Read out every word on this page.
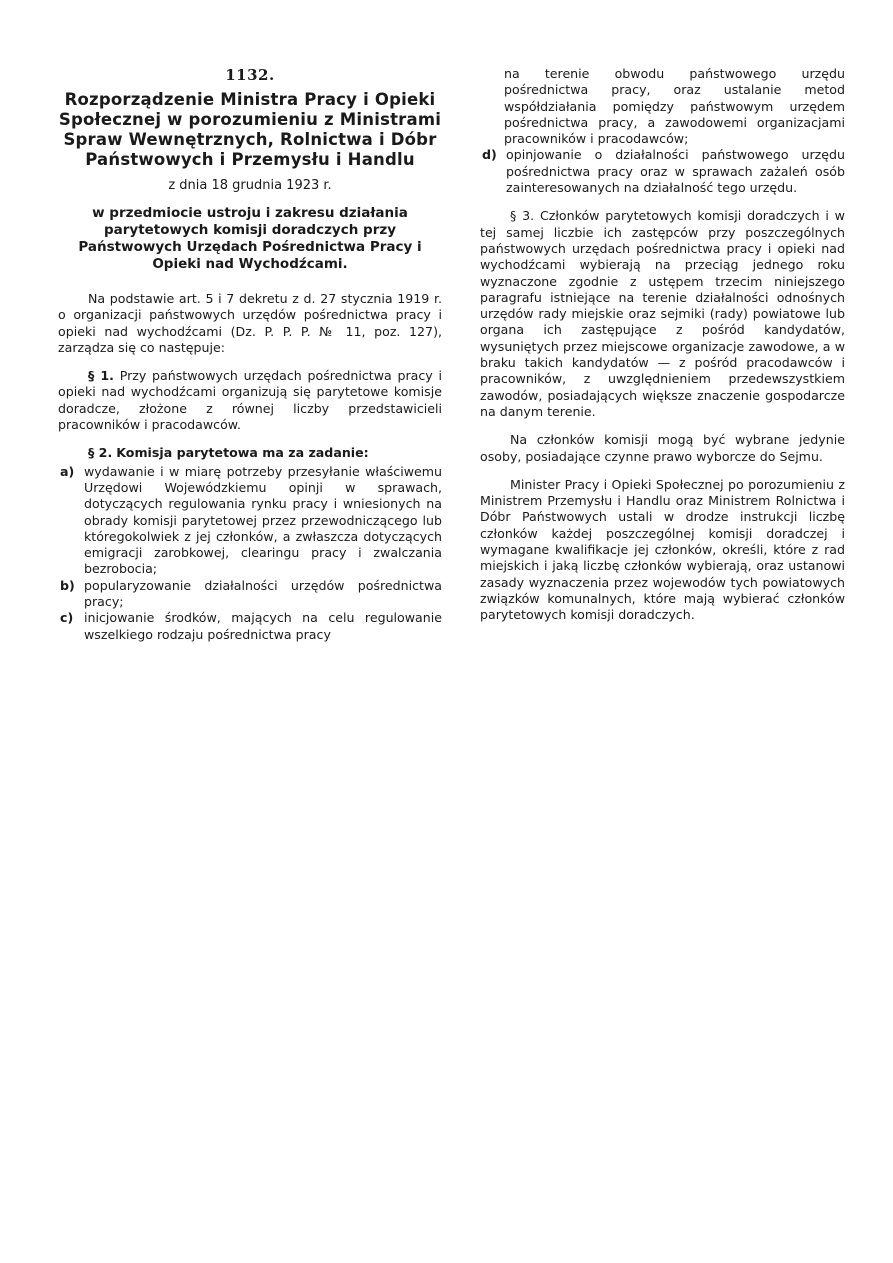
1132.
Rozporządzenie Ministra Pracy i Opieki Społecznej w porozumieniu z Ministrami Spraw Wewnętrznych, Rolnictwa i Dóbr Państwowych i Przemysłu i Handlu
z dnia 18 grudnia 1923 r.
w przedmiocie ustroju i zakresu działania parytetowych komisji doradczych przy Państwowych Urzędach Pośrednictwa Pracy i Opieki nad Wychodźcami.

Na podstawie art. 5 i 7 dekretu z d. 27 stycznia 1919 r. o organizacji państwowych urzędów pośrednictwa pracy i opieki nad wychodźcami (Dz. P. P. P. № 11, poz. 127), zarządza się co następuje:

§ 1. Przy państwowych urzędach pośrednictwa pracy i opieki nad wychodźcami organizują się parytetowe komisje doradcze, złożone z równej liczby przedstawicieli pracowników i pracodawców.

§ 2. Komisja parytetowa ma za zadanie:

a) wydawanie i w miarę potrzeby przesyłanie właściwemu Urzędowi Wojewódzkiemu opinji w sprawach, dotyczących regulowania rynku pracy i wniesionych na obrady komisji parytetowej przez przewodniczącego lub któregokolwiek z jej członków, a zwłaszcza dotyczących emigracji zarobkowej, clearingu pracy i zwalczania bezrobocia;
b) popularyzowanie działalności urzędów pośrednictwa pracy;
c) inicjowanie środków, mających na celu regulowanie wszelkiego rodzaju pośrednictwa pracy
na terenie obwodu państwowego urzędu pośrednictwa pracy, oraz ustalanie metod współdziałania pomiędzy państwowym urzędem pośrednictwa pracy, a zawodowemi organizacjami pracowników i pracodawców;
d) opinjowanie o działalności państwowego urzędu pośrednictwa pracy oraz w sprawach zażaleń osób zainteresowanych na działalność tego urzędu.

§ 3. Członków parytetowych komisji doradczych i w tej samej liczbie ich zastępców przy poszczególnych państwowych urzędach pośrednictwa pracy i opieki nad wychodźcami wybierają na przeciąg jednego roku wyznaczone zgodnie z ustępem trzecim niniejszego paragrafu istniejące na terenie działalności odnośnych urzędów rady miejskie oraz sejmiki (rady) powiatowe lub organa ich zastępujące z pośród kandydatów, wysuniętych przez miejscowe organizacje zawodowe, a w braku takich kandydatów — z pośród pracodawców i pracowników, z uwzględnieniem przedewszystkiem zawodów, posiadających większe znaczenie gospodarcze na danym terenie.

Na członków komisji mogą być wybrane jedynie osoby, posiadające czynne prawo wyborcze do Sejmu.

Minister Pracy i Opieki Społecznej po porozumieniu z Ministrem Przemysłu i Handlu oraz Ministrem Rolnictwa i Dóbr Państwowych ustali w drodze instrukcji liczbę członków każdej poszczególnej komisji doradczej i wymagane kwalifikacje jej członków, określi, które z rad miejskich i jaką liczbę członków wybierają, oraz ustanowi zasady wyznaczenia przez wojewodów tych powiatowych związków komunalnych, które mają wybierać członków parytetowych komisji doradczych.
